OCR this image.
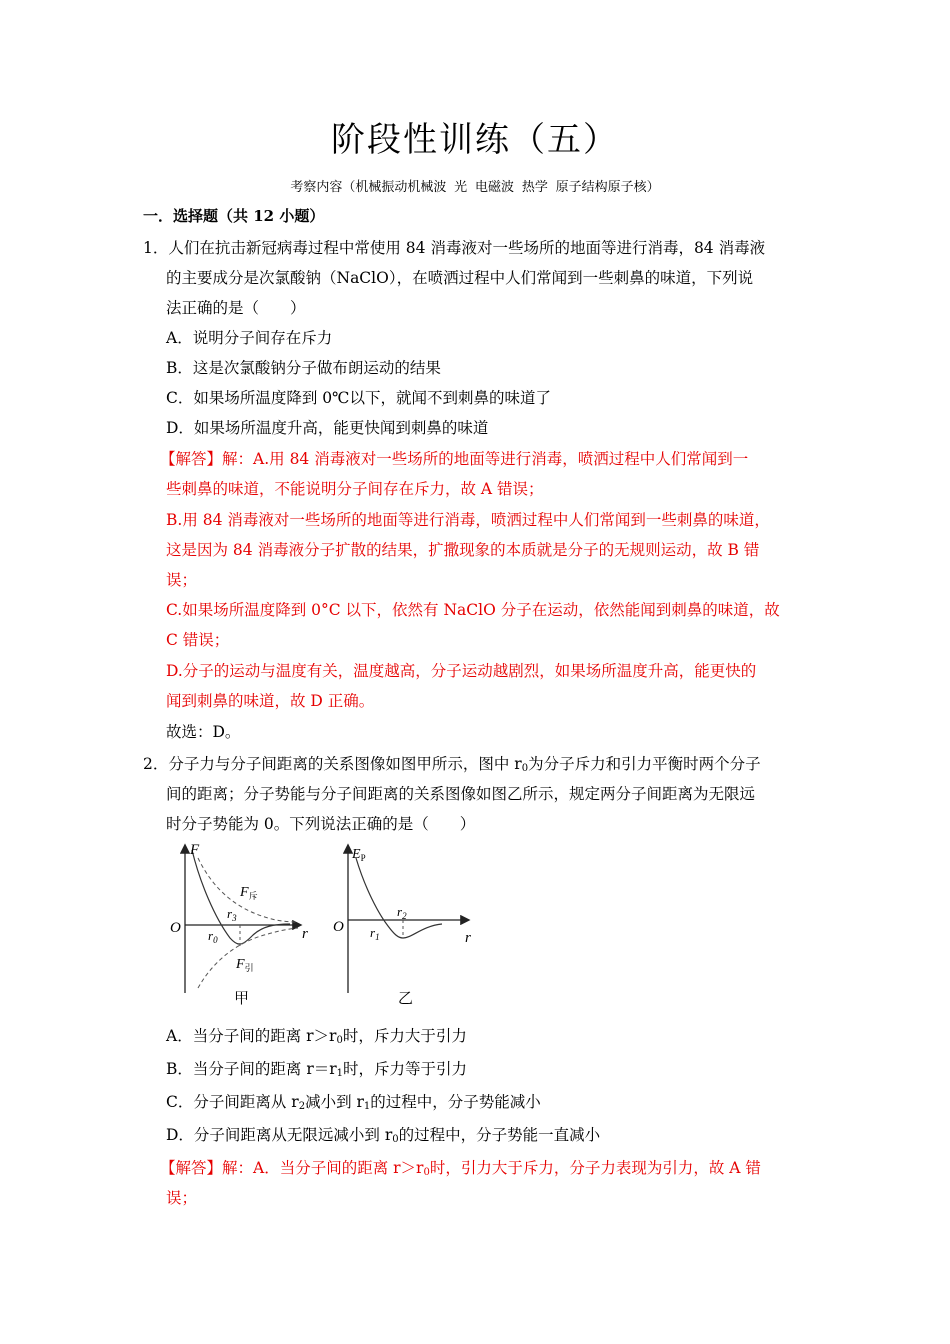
阶段性训练（五）
考察内容（机械振动机械波 光 电磁波 热学 原子结构原子核）
一．选择题（共 12 小题）
1．人们在抗击新冠病毒过程中常使用 84 消毒液对一些场所的地面等进行消毒，84 消毒液
的主要成分是次氯酸钠（NaClO），在喷洒过程中人们常闻到一些刺鼻的味道，下列说
法正确的是（　　）
A．说明分子间存在斥力
B．这是次氯酸钠分子做布朗运动的结果
C．如果场所温度降到 0℃以下，就闻不到刺鼻的味道了
D．如果场所温度升高，能更快闻到刺鼻的味道
【解答】解：A.用 84 消毒液对一些场所的地面等进行消毒，喷洒过程中人们常闻到一
些刺鼻的味道，不能说明分子间存在斥力，故 A 错误；
B.用 84 消毒液对一些场所的地面等进行消毒，喷洒过程中人们常闻到一些刺鼻的味道，
这是因为 84 消毒液分子扩散的结果，扩撒现象的本质就是分子的无规则运动，故 B 错
误；
C.如果场所温度降到 0°C 以下，依然有 NaClO 分子在运动，依然能闻到刺鼻的味道，故
C 错误；
D.分子的运动与温度有关，温度越高，分子运动越剧烈，如果场所温度升高，能更快的
闻到刺鼻的味道，故 D 正确。
故选：D。
2．分子力与分子间距离的关系图像如图甲所示，图中 $r_0$为分子斥力和引力平衡时两个分子
间的距离；分子势能与分子间距离的关系图像如图乙所示，规定两分子间距离为无限远
时分子势能为 0。下列说法正确的是（　　）
F
r
O $r_0$
$r_3$
$F_斥$
$F_引$
甲
$E_P$
r
O $r_1$
$r_2$
乙
A．当分子间的距离 $r>r_0$时，斥力大于引力
B．当分子间的距离 $r=r_1$时，斥力等于引力
C．分子间距离从 $r_2$减小到 $r_1$的过程中，分子势能减小
D．分子间距离从无限远减小到 $r_0$的过程中，分子势能一直减小
【解答】解：A．当分子间的距离 $r>r_0$时，引力大于斥力，分子力表现为引力，故 A 错
误；
